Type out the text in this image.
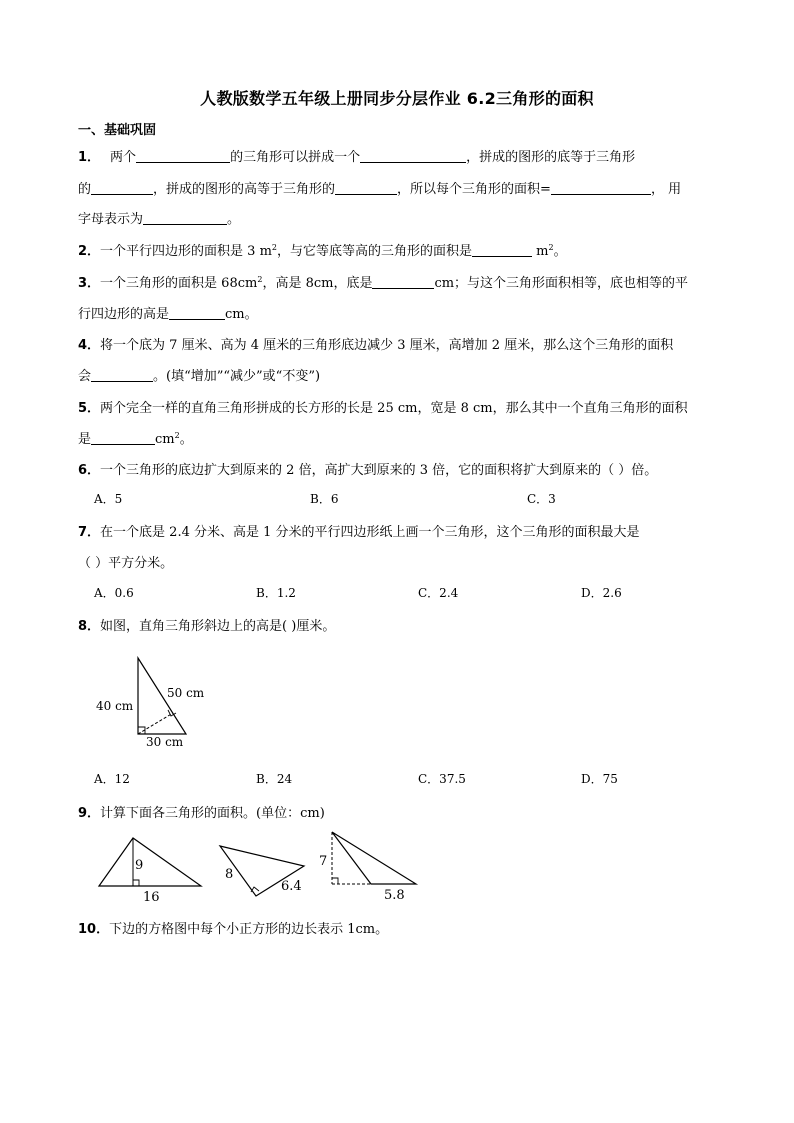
人教版数学五年级上册同步分层作业 6.2三角形的面积
一、基础巩固
1． 两个	的三角形可以拼成一个	，拼成的图形的底等于三角形
的	，拼成的图形的高等于三角形的	，所以每个三角形的面积=	， 用
字母表示为	。
2．一个平行四边形的面积是 3 $m^2$，与它等底等高的三角形的面积是	$m^2$。
3．一个三角形的面积是 $68cm^2$，高是 8cm，底是	cm；与这个三角形面积相等，底也相等的平
行四边形的高是	cm。
4．将一个底为 7 厘米、高为 4 厘米的三角形底边减少 3 厘米，高增加 2 厘米，那么这个三角形的面积
会	。(填“增加”“减少”或“不变”)
5．两个完全一样的直角三角形拼成的长方形的长是 25 cm，宽是 8 cm，那么其中一个直角三角形的面积
是	$cm^2$。
6．一个三角形的底边扩大到原来的 2 倍，高扩大到原来的 3 倍，它的面积将扩大到原来的（ ）倍。
A．5	B．6	C．3
7．在一个底是 2.4 分米、高是 1 分米的平行四边形纸上画一个三角形，这个三角形的面积最大是
（ ）平方分米。
A．0.6	B．1.2	C．2.4	D．2.6
8．如图，直角三角形斜边上的高是( )厘米。
40 cm
50 cm
30 cm
A．12	B．24	C．37.5	D．75
9．计算下面各三角形的面积。(单位：cm)
9
16
8
6.4
7
5.8
10．下边的方格图中每个小正方形的边长表示 1cm。
